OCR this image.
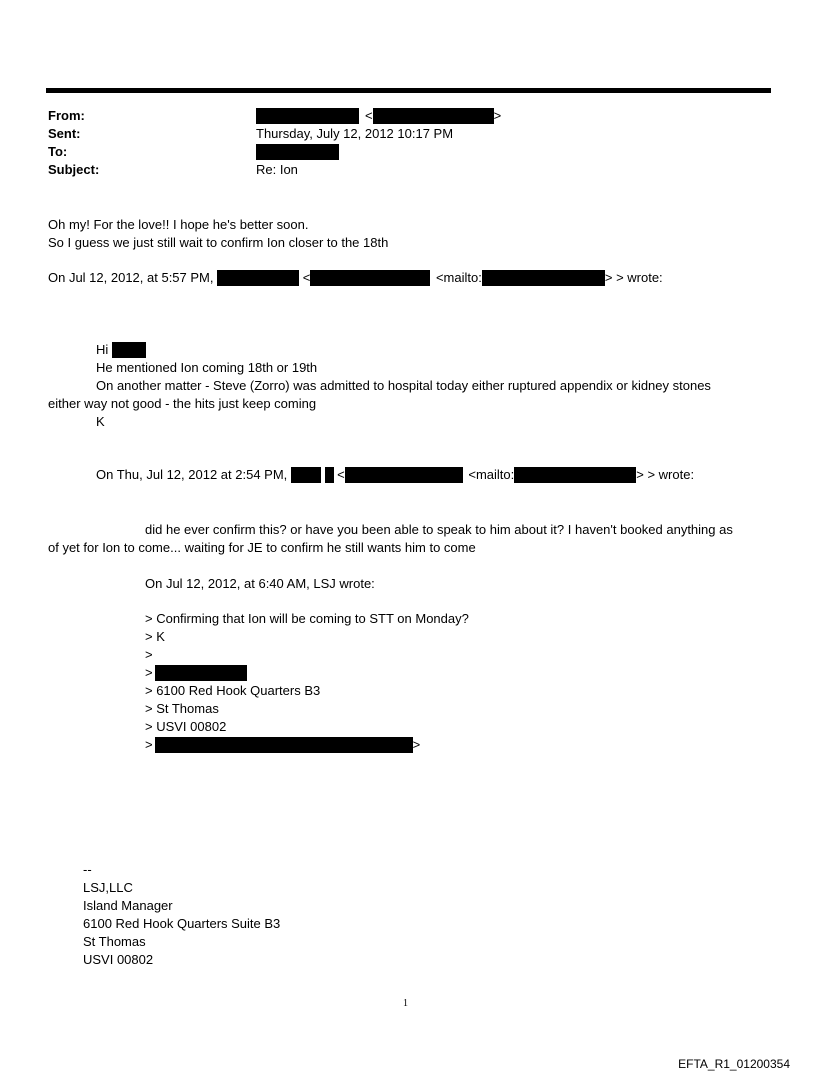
From:	<	>
Sent:	Thursday, July 12, 2012 10:17 PM
To:
Subject:	Re: Ion
Oh my! For the love!! I hope he's better soon.
So I guess we just still wait to confirm Ion closer to the 18th
On Jul 12, 2012, at 5:57 PM,	<	<mailto:	> > wrote:
Hi
He mentioned Ion coming 18th or 19th
On another matter - Steve (Zorro) was admitted to hospital today either ruptured appendix or kidney stones
either way not good - the hits just keep coming
K
On Thu, Jul 12, 2012 at 2:54 PM,	<	<mailto:	> > wrote:
did he ever confirm this? or have you been able to speak to him about it? I haven't booked anything as
of yet for Ion to come... waiting for JE to confirm he still wants him to come
On Jul 12, 2012, at 6:40 AM, LSJ wrote:
> Confirming that Ion will be coming to STT on Monday?
> K
>
>
> 6100 Red Hook Quarters B3
> St Thomas
> USVI 00802
>	>
--
LSJ,LLC
Island Manager
6100 Red Hook Quarters Suite B3
St Thomas
USVI 00802
1
EFTA_R1_01200354
